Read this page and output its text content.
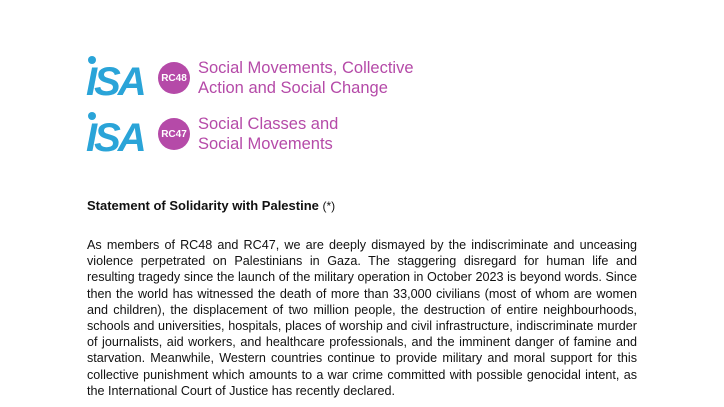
ISA	RC48
Social Movements, Collective
Action and Social Change
ISA	RC47
Social Classes and
Social Movements
Statement of Solidarity with Palestine (*)
As members of RC48 and RC47, we are deeply dismayed by the indiscriminate and unceasing violence perpetrated on Palestinians in Gaza. The staggering disregard for human life and resulting tragedy since the launch of the military operation in October 2023 is beyond words. Since then the world has witnessed the death of more than 33,000 civilians (most of whom are women and children), the displacement of two million people, the destruction of entire neighbourhoods, schools and universities, hospitals, places of worship and civil infrastructure, indiscriminate murder of journalists, aid workers, and healthcare professionals, and the imminent danger of famine and starvation. Meanwhile, Western countries continue to provide military and moral support for this collective punishment which amounts to a war crime committed with possible genocidal intent, as the International Court of Justice has recently declared.
